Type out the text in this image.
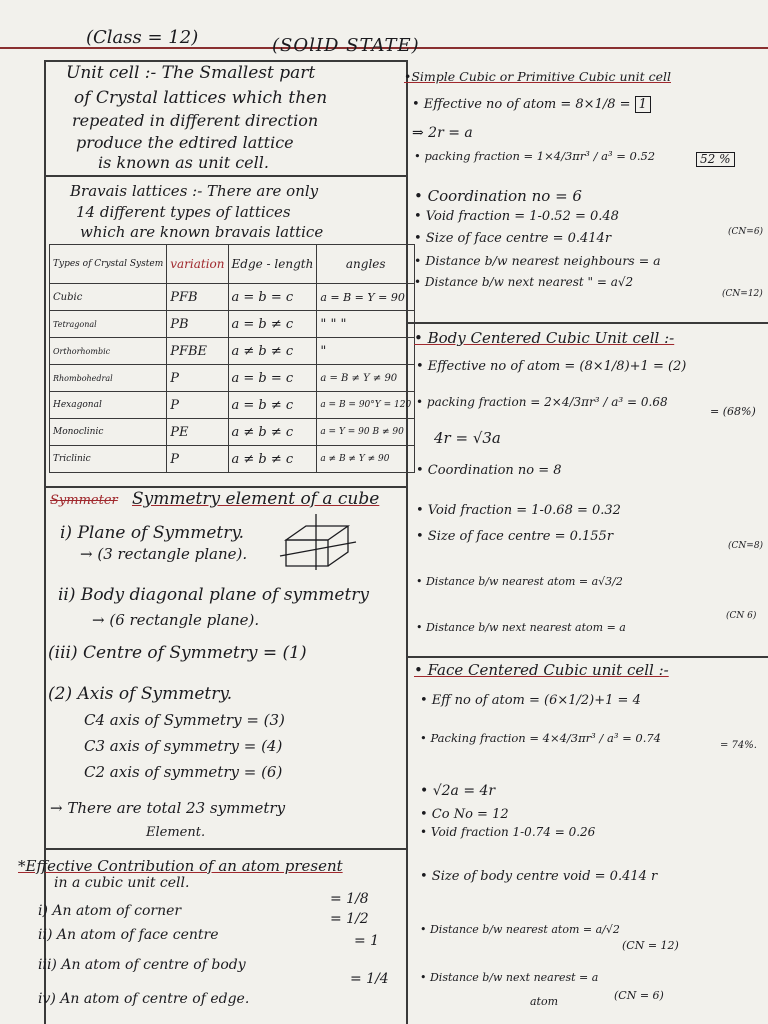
(Class = 12)	(SOlID STATE)
Unit cell :- The Smallest part
of Crystal lattices which then
repeated in different direction
produce the edtired lattice
is known as unit cell.
Bravais lattices :- There are only
14 different types of lattices
which are known bravais lattice
Types of Crystal System	variation	Edge - length	angles
Cubic	PFB	a = b = c	a = B = Y = 90
Tetragonal	PB	a = b ≠ c	" " "
Orthorhombic	PFBE	a ≠ b ≠ c	"
Rhombohedral	P	a = b = c	a = B ≠ Y ≠ 90
Hexagonal	P	a = b ≠ c	a = B = 90°Y = 120
Monoclinic	PE	a ≠ b ≠ c	a = Y = 90 B ≠ 90
Triclinic	P	a ≠ b ≠ c	a ≠ B ≠ Y ≠ 90
Symmeter Symmetry element of a cube
i) Plane of Symmetry.
→ (3 rectangle plane).
ii) Body diagonal plane of symmetry
→ (6 rectangle plane).
(iii) Centre of Symmetry = (1)
(2) Axis of Symmetry.
C4 axis of Symmetry = (3)
C3 axis of symmetry = (4)
C2 axis of symmetry = (6)
→ There are total 23 symmetry
Element.
*Effective Contribution of an atom present
in a cubic unit cell.
i) An atom of corner
= 1/8
ii) An atom of face centre
= 1/2
iii) An atom of centre of body
= 1
iv) An atom of centre of edge.
= 1/4
•Simple Cubic or Primitive Cubic unit cell
• Effective no of atom = 8×1/8 = 1
⇒ 2r = a
• packing fraction = 1×4/3πr³ / a³ = 0.52	52 %
• Coordination no = 6
• Void fraction = 1-0.52 = 0.48
• Size of face centre = 0.414r	(CN=6)
• Distance b/w nearest neighbours = a
• Distance b/w next nearest " = a√2
(CN=12)
• Body Centered Cubic Unit cell :-
• Effective no of atom = (8×1/8)+1 = (2)
• packing fraction = 2×4/3πr³ / a³ = 0.68
= (68%)
4r = √3a
• Coordination no = 8
• Void fraction = 1-0.68 = 0.32
• Size of face centre = 0.155r
(CN=8)
• Distance b/w nearest atom = a√3/2
• Distance b/w next nearest atom = a
(CN 6)
• Face Centered Cubic unit cell :-
• Eff no of atom = (6×1/2)+1 = 4
• Packing fraction = 4×4/3πr³ / a³ = 0.74
= 74%.
• √2a = 4r
• Co No = 12
• Void fraction 1-0.74 = 0.26
• Size of body centre void = 0.414 r
• Distance b/w nearest atom = a/√2
(CN = 12)
• Distance b/w next nearest = a
atom	(CN = 6)
